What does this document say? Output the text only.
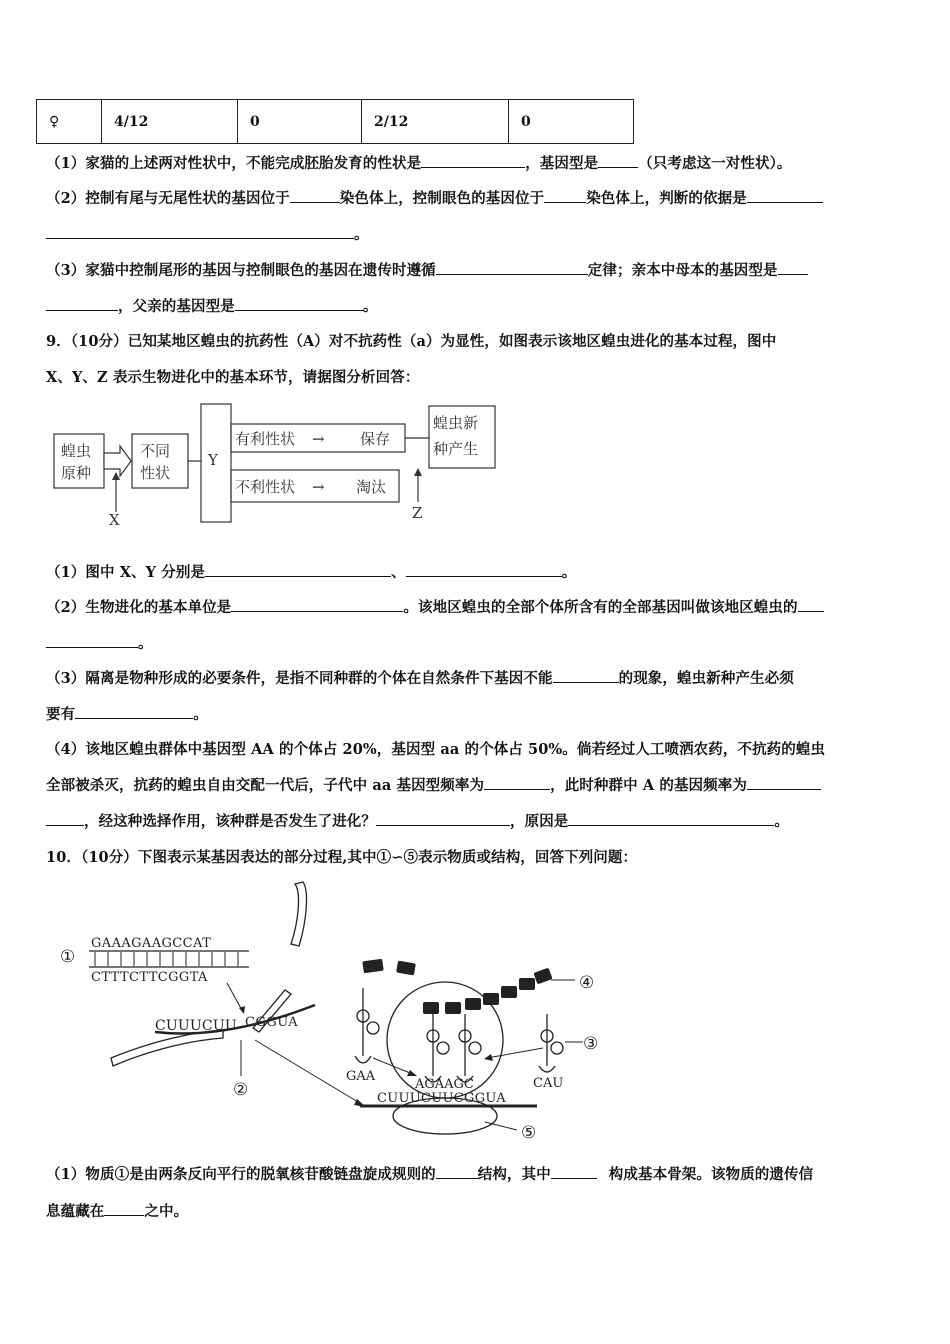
♀	4/12	0	2/12	0
（1）家猫的上述两对性状中，不能完成胚胎发育的性状是	，基因型是	（只考虑这一对性状）。
（2）控制有尾与无尾性状的基因位于	染色体上，控制眼色的基因位于	染色体上，判断的依据是
。
（3）家猫中控制尾形的基因与控制眼色的基因在遗传时遵循	定律；亲本中母本的基因型是
，父亲的基因型是	。
9．（10分）已知某地区蝗虫的抗药性（A）对不抗药性（a）为显性，如图表示该地区蝗虫进化的基本过程，图中
X、Y、Z 表示生物进化中的基本环节，请据图分析回答：
蝗虫
原种
不同
性状
Y
有利性状 → 保存
不利性状 → 淘汰
蝗虫新
种产生
X	Z
（1）图中 X、Y 分别是	、	。
（2）生物进化的基本单位是	。该地区蝗虫的全部个体所含有的全部基因叫做该地区蝗虫的
。
（3）隔离是物种形成的必要条件，是指不同种群的个体在自然条件下基因不能	的现象，蝗虫新种产生必须
要有	。
（4）该地区蝗虫群体中基因型 AA 的个体占 20%，基因型 aa 的个体占 50%。倘若经过人工喷洒农药，不抗药的蝗虫
全部被杀灭，抗药的蝗虫自由交配一代后，子代中 aa 基因型频率为	，此时种群中 A 的基因频率为
，经这种选择作用，该种群是否发生了进化？	，原因是	。
10．（10分）下图表示某基因表达的部分过程,其中①∽⑤表示物质或结构，回答下列问题：
①
GAAAGAAGCCAT
CTTTCTTCGGTA
CUUUCUU CGGUA
②	CUUUCUUCGGUA
⑤
④
③
GAA
AGAAGC	CAU
（1）物质①是由两条反向平行的脱氧核苷酸链盘旋成规则的	结构，其中	构成基本骨架。该物质的遗传信
息蕴藏在	之中。
